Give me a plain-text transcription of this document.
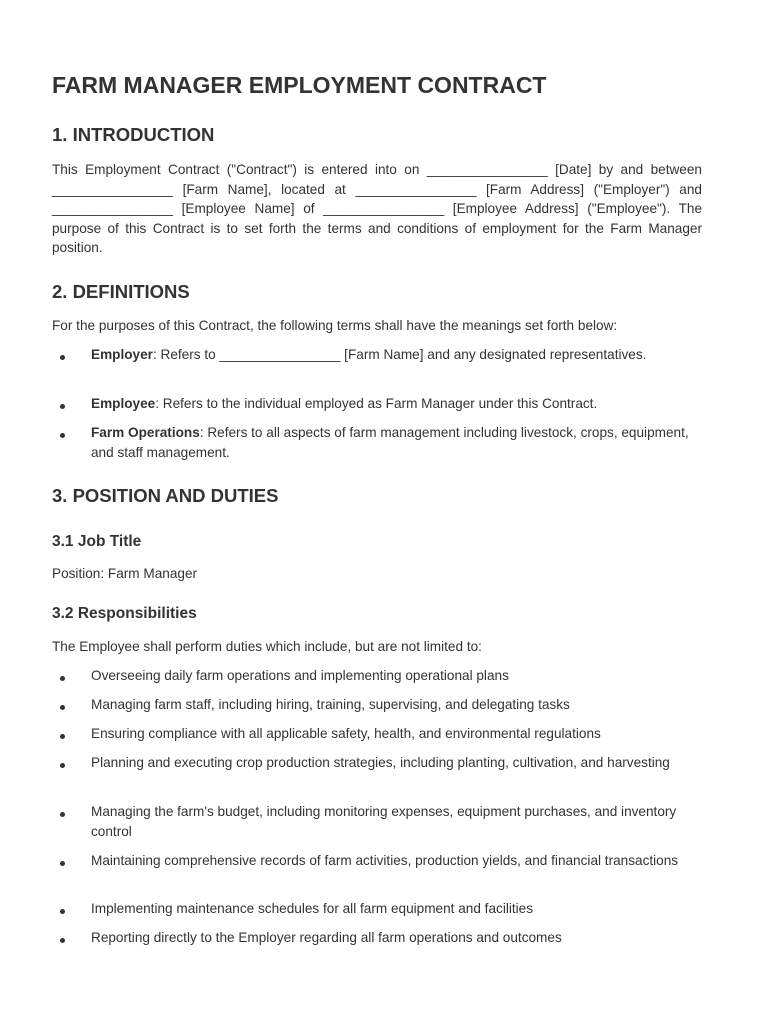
FARM MANAGER EMPLOYMENT CONTRACT
1. INTRODUCTION

This Employment Contract ("Contract") is entered into on ________________ [Date] by and between ________________ [Farm Name], located at ________________ [Farm Address] ("Employer") and ________________ [Employee Name] of ________________ [Employee Address] ("Employee"). The purpose of this Contract is to set forth the terms and conditions of employment for the Farm Manager position.

2. DEFINITIONS

For the purposes of this Contract, the following terms shall have the meanings set forth below:

Employer: Refers to ________________ [Farm Name] and any designated representatives.

Employee: Refers to the individual employed as Farm Manager under this Contract.

Farm Operations: Refers to all aspects of farm management including livestock, crops, equipment, and staff management.

3. POSITION AND DUTIES
3.1 Job Title

Position: Farm Manager

3.2 Responsibilities

The Employee shall perform duties which include, but are not limited to:

Overseeing daily farm operations and implementing operational plans

Managing farm staff, including hiring, training, supervising, and delegating tasks

Ensuring compliance with all applicable safety, health, and environmental regulations

Planning and executing crop production strategies, including planting, cultivation, and harvesting

Managing the farm's budget, including monitoring expenses, equipment purchases, and inventory control

Maintaining comprehensive records of farm activities, production yields, and financial transactions

Implementing maintenance schedules for all farm equipment and facilities

Reporting directly to the Employer regarding all farm operations and outcomes
